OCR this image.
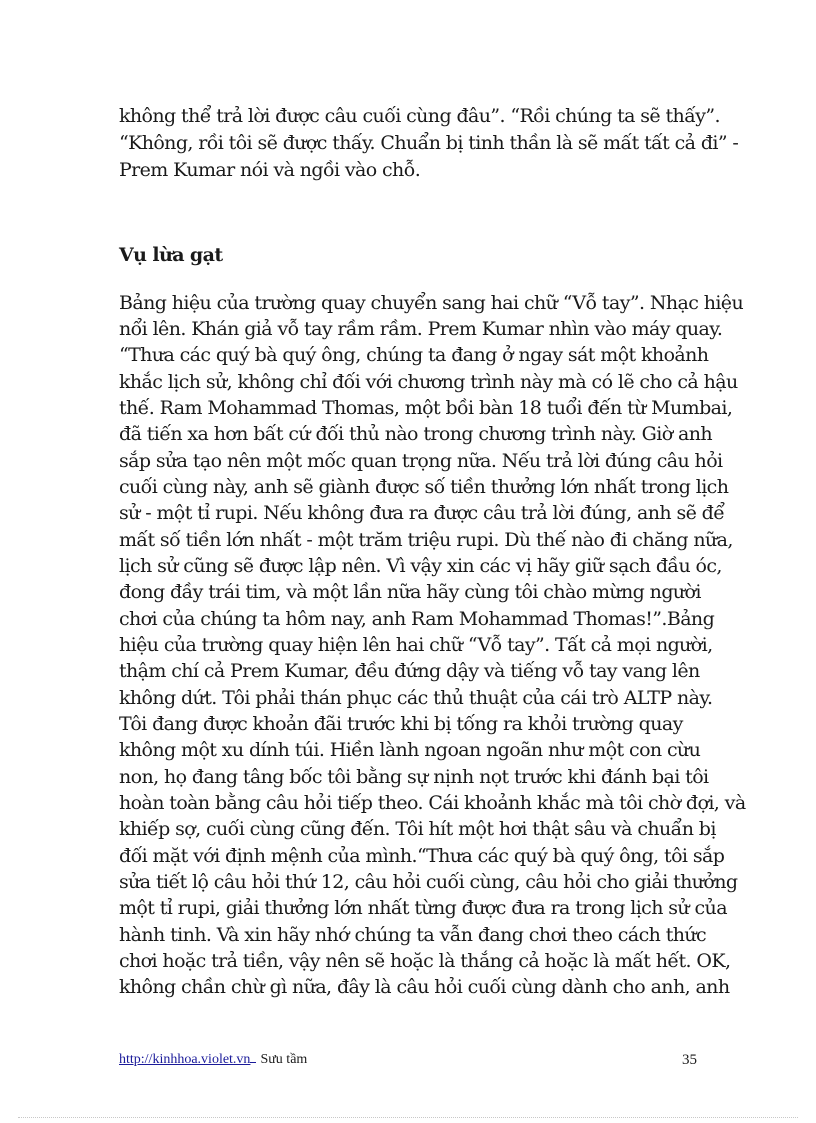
không thể trả lời được câu cuối cùng đâu”. “Rồi chúng ta sẽ thấy”.
“Không, rồi tôi sẽ được thấy. Chuẩn bị tinh thần là sẽ mất tất cả đi” -
Prem Kumar nói và ngồi vào chỗ.
Vụ lừa gạt
Bảng hiệu của trường quay chuyển sang hai chữ “Vỗ tay”. Nhạc hiệu
nổi lên. Khán giả vỗ tay rầm rầm. Prem Kumar nhìn vào máy quay.
“Thưa các quý bà quý ông, chúng ta đang ở ngay sát một khoảnh
khắc lịch sử, không chỉ đối với chương trình này mà có lẽ cho cả hậu
thế. Ram Mohammad Thomas, một bồi bàn 18 tuổi đến từ Mumbai,
đã tiến xa hơn bất cứ đối thủ nào trong chương trình này. Giờ anh
sắp sửa tạo nên một mốc quan trọng nữa. Nếu trả lời đúng câu hỏi
cuối cùng này, anh sẽ giành được số tiền thưởng lớn nhất trong lịch
sử - một tỉ rupi. Nếu không đưa ra được câu trả lời đúng, anh sẽ để
mất số tiền lớn nhất - một trăm triệu rupi. Dù thế nào đi chăng nữa,
lịch sử cũng sẽ được lập nên. Vì vậy xin các vị hãy giữ sạch đầu óc,
đong đầy trái tim, và một lần nữa hãy cùng tôi chào mừng người
chơi của chúng ta hôm nay, anh Ram Mohammad Thomas!”.Bảng
hiệu của trường quay hiện lên hai chữ “Vỗ tay”. Tất cả mọi người,
thậm chí cả Prem Kumar, đều đứng dậy và tiếng vỗ tay vang lên
không dứt. Tôi phải thán phục các thủ thuật của cái trò ALTP này.
Tôi đang được khoản đãi trước khi bị tống ra khỏi trường quay
không một xu dính túi. Hiền lành ngoan ngoãn như một con cừu
non, họ đang tâng bốc tôi bằng sự nịnh nọt trước khi đánh bại tôi
hoàn toàn bằng câu hỏi tiếp theo. Cái khoảnh khắc mà tôi chờ đợi, và
khiếp sợ, cuối cùng cũng đến. Tôi hít một hơi thật sâu và chuẩn bị
đối mặt với định mệnh của mình.“Thưa các quý bà quý ông, tôi sắp
sửa tiết lộ câu hỏi thứ 12, câu hỏi cuối cùng, câu hỏi cho giải thưởng
một tỉ rupi, giải thưởng lớn nhất từng được đưa ra trong lịch sử của
hành tinh. Và xin hãy nhớ chúng ta vẫn đang chơi theo cách thức
chơi hoặc trả tiền, vậy nên sẽ hoặc là thắng cả hoặc là mất hết. OK,
không chần chừ gì nữa, đây là câu hỏi cuối cùng dành cho anh, anh
http://kinhhoa.violet.vn Sưu tầm	35
